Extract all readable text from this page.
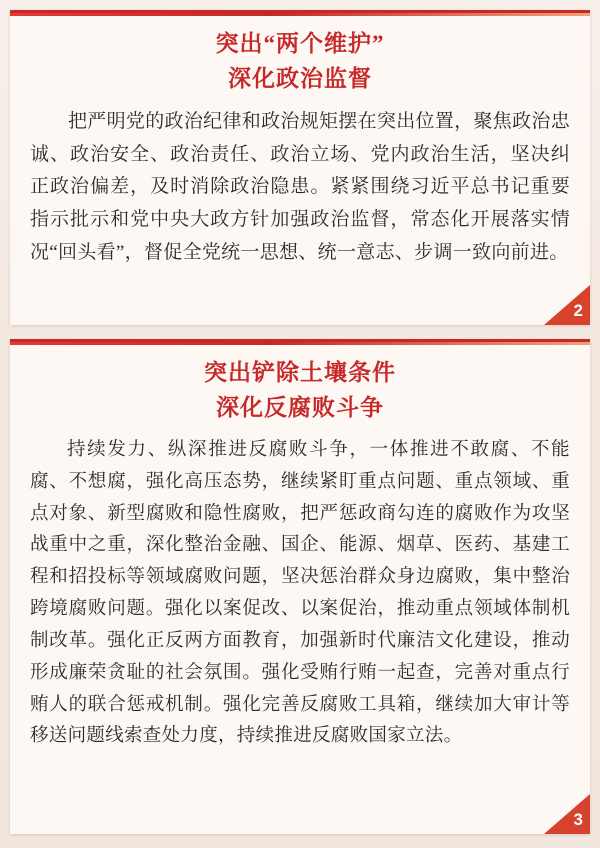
突出“两个维护”
深化政治监督
把严明党的政治纪律和政治规矩摆在突出位置，聚焦政治忠诚、政治安全、政治责任、政治立场、党内政治生活，坚决纠正政治偏差，及时消除政治隐患。紧紧围绕习近平总书记重要指示批示和党中央大政方针加强政治监督，常态化开展落实情况“回头看”，督促全党统一思想、统一意志、步调一致向前进。
2
突出铲除土壤条件
深化反腐败斗争
持续发力、纵深推进反腐败斗争，一体推进不敢腐、不能腐、不想腐，强化高压态势，继续紧盯重点问题、重点领域、重点对象、新型腐败和隐性腐败，把严惩政商勾连的腐败作为攻坚战重中之重，深化整治金融、国企、能源、烟草、医药、基建工程和招投标等领域腐败问题，坚决惩治群众身边腐败，集中整治跨境腐败问题。强化以案促改、以案促治，推动重点领域体制机制改革。强化正反两方面教育，加强新时代廉洁文化建设，推动形成廉荣贪耻的社会氛围。强化受贿行贿一起查，完善对重点行贿人的联合惩戒机制。强化完善反腐败工具箱，继续加大审计等移送问题线索查处力度，持续推进反腐败国家立法。
3
